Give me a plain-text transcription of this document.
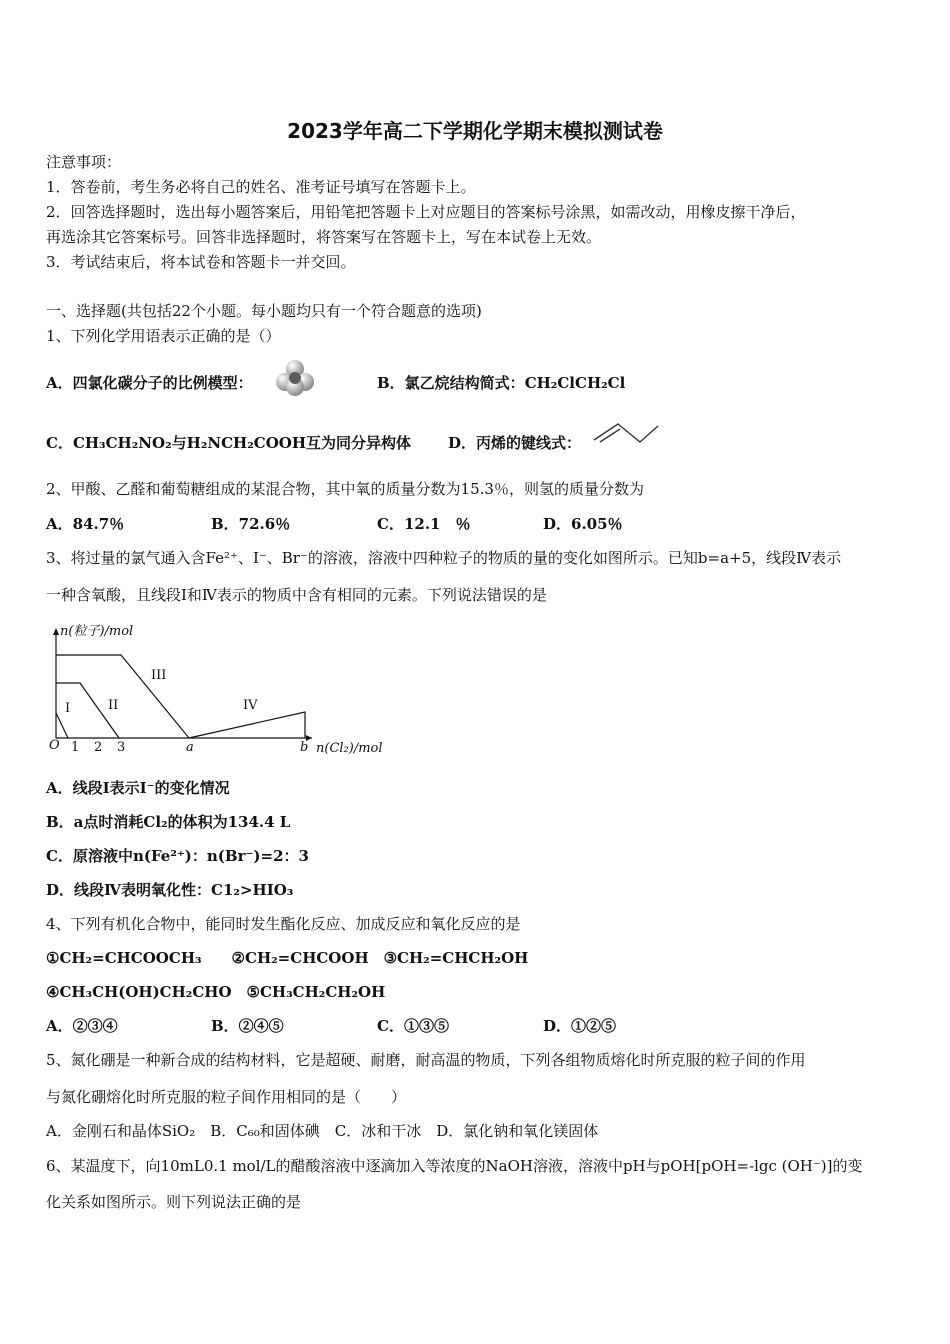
2023学年高二下学期化学期末模拟测试卷
注意事项：
1．答卷前，考生务必将自己的姓名、准考证号填写在答题卡上。
2．回答选择题时，选出每小题答案后，用铅笔把答题卡上对应题目的答案标号涂黑，如需改动，用橡皮擦干净后，
再选涂其它答案标号。回答非选择题时，将答案写在答题卡上，写在本试卷上无效。
3．考试结束后，将本试卷和答题卡一并交回。
一、选择题(共包括22个小题。每小题均只有一个符合题意的选项)
1、下列化学用语表示正确的是（）
A．四氯化碳分子的比例模型：	B．氯乙烷结构简式：CH₂ClCH₂Cl
C．CH₃CH₂NO₂与H₂NCH₂COOH互为同分异构体 D．丙烯的键线式：
2、甲酸、乙醛和葡萄糖组成的某混合物，其中氧的质量分数为15.3％，则氢的质量分数为
A．84.7％	B．72.6％	C．12.1　％	D．6.05％
3、将过量的氯气通入含Fe²⁺、I⁻、Br⁻的溶液，溶液中四种粒子的物质的量的变化如图所示。已知b=a+5，线段Ⅳ表示
一种含氧酸，且线段I和Ⅳ表示的物质中含有相同的元素。下列说法错误的是
n(粒子)/mol
n(Cl₂)/mol
O 1 2 3	a	b
I	II
III
IV
A．线段I表示I⁻的变化情况
B．a点时消耗Cl₂的体积为134.4 L
C．原溶液中n(Fe²⁺)：n(Br⁻)=2：3
D．线段Ⅳ表明氧化性：C1₂>HIO₃
4、下列有机化合物中，能同时发生酯化反应、加成反应和氧化反应的是
①CH₂=CHCOOCH₃　　②CH₂=CHCOOH　③CH₂=CHCH₂OH
④CH₃CH(OH)CH₂CHO　⑤CH₃CH₂CH₂OH
A．②③④	B．②④⑤	C．①③⑤	D．①②⑤
5、氮化硼是一种新合成的结构材料，它是超硬、耐磨，耐高温的物质，下列各组物质熔化时所克服的粒子间的作用
与氮化硼熔化时所克服的粒子间作用相同的是（　　）
A．金刚石和晶体SiO₂　B．C₆₀和固体碘　C．冰和干冰　D．氯化钠和氧化镁固体
6、某温度下，向10mL0.1 mol/L的醋酸溶液中逐滴加入等浓度的NaOH溶液，溶液中pH与pOH[pOH=-lgc (OH⁻)]的变
化关系如图所示。则下列说法正确的是
